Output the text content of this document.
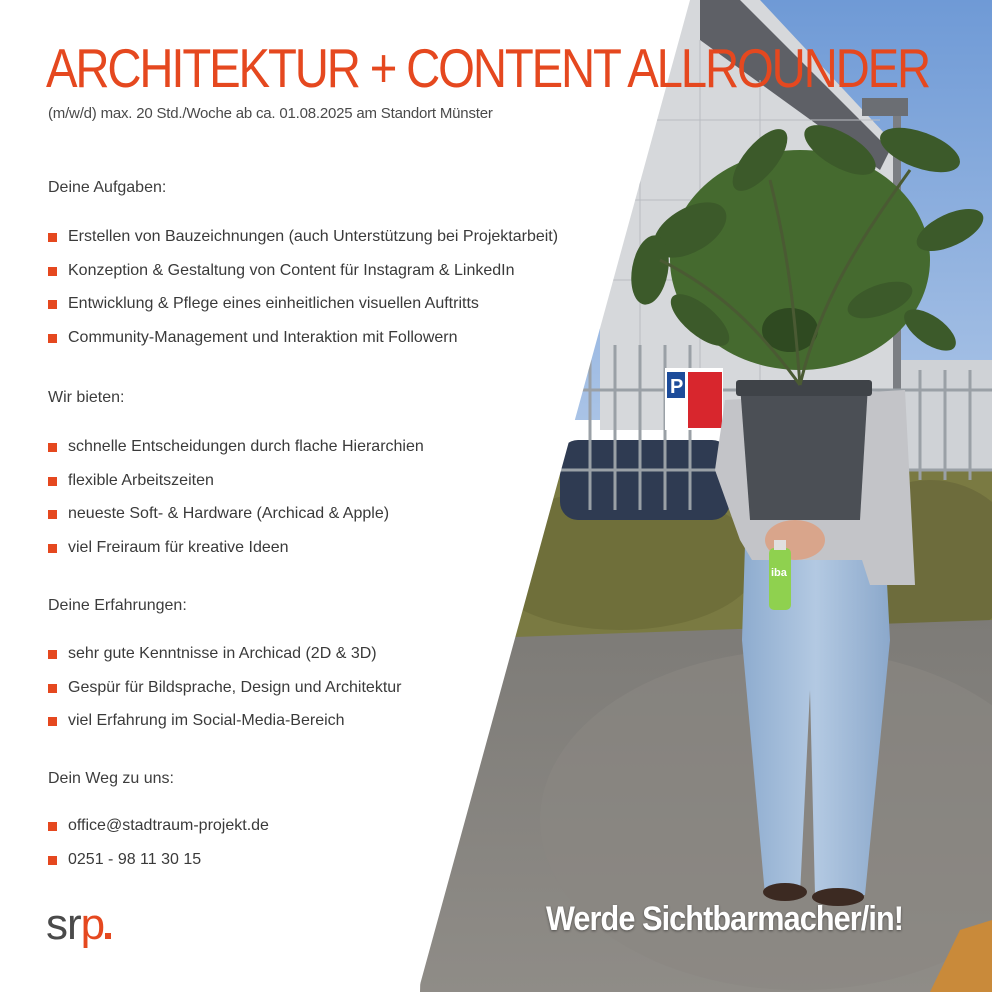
P
iba
ARCHITEKTUR + CONTENT ALLROUNDER
(m/w/d) max. 20 Std./Woche ab ca. 01.08.2025 am Standort Münster
Deine Aufgaben:
Erstellen von Bauzeichnungen (auch Unterstützung bei Projektarbeit)
Konzeption & Gestaltung von Content für Instagram & LinkedIn
Entwicklung & Pflege eines einheitlichen visuellen Auftritts
Community-Management und Interaktion mit Followern
Wir bieten:
schnelle Entscheidungen durch flache Hierarchien
flexible Arbeitszeiten
neueste Soft- & Hardware (Archicad & Apple)
viel Freiraum für kreative Ideen
Deine Erfahrungen:
sehr gute Kenntnisse in Archicad (2D & 3D)
Gespür für Bildsprache, Design und Architektur
viel Erfahrung im Social-Media-Bereich
Dein Weg zu uns:
office@stadtraum-projekt.de
0251 - 98 11 30 15
srp	Werde Sichtbarmacher/in!
